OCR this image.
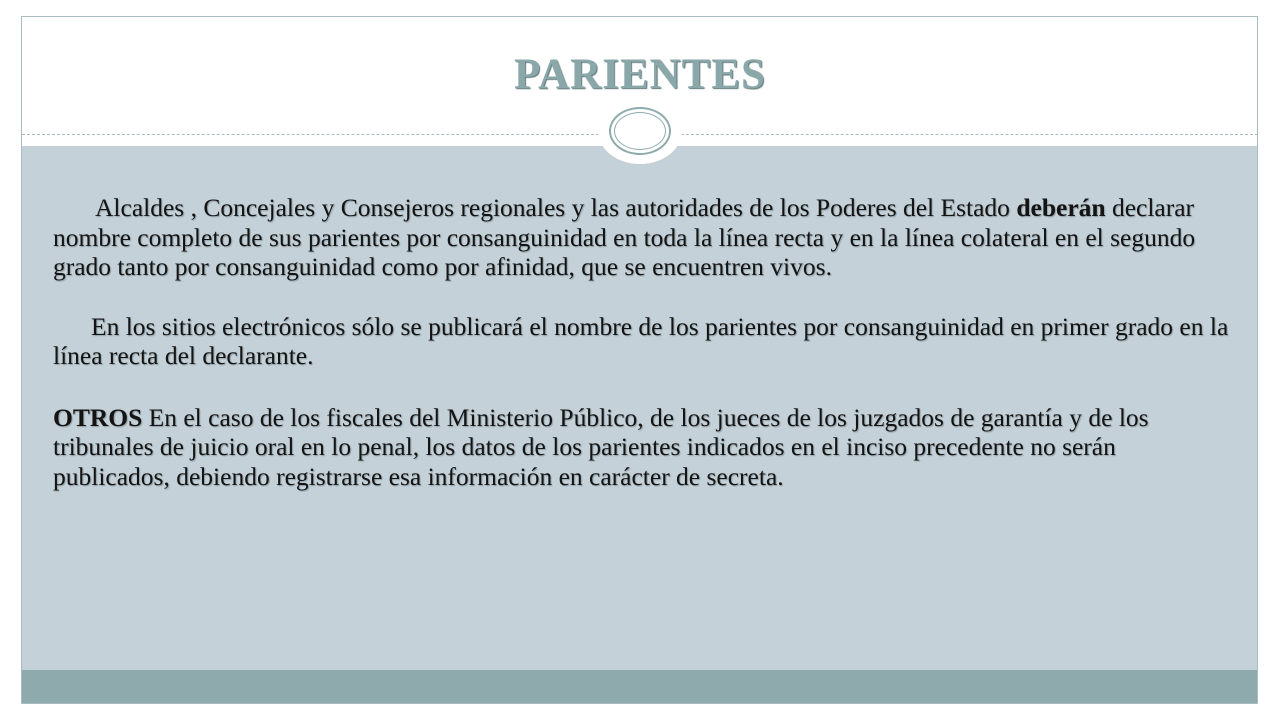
PARIENTES

Alcaldes , Concejales y Consejeros regionales y las autoridades de los Poderes del Estado deberán declarar nombre completo de sus parientes por consanguinidad en toda la línea recta y en la línea colateral en el segundo grado tanto por consanguinidad como por afinidad, que se encuentren vivos.

En los sitios electrónicos sólo se publicará el nombre de los parientes por consanguinidad en primer grado en la línea recta del declarante.

OTROS En el caso de los fiscales del Ministerio Público, de los jueces de los juzgados de garantía y de los tribunales de juicio oral en lo penal, los datos de los parientes indicados en el inciso precedente no serán publicados, debiendo registrarse esa información en carácter de secreta.
